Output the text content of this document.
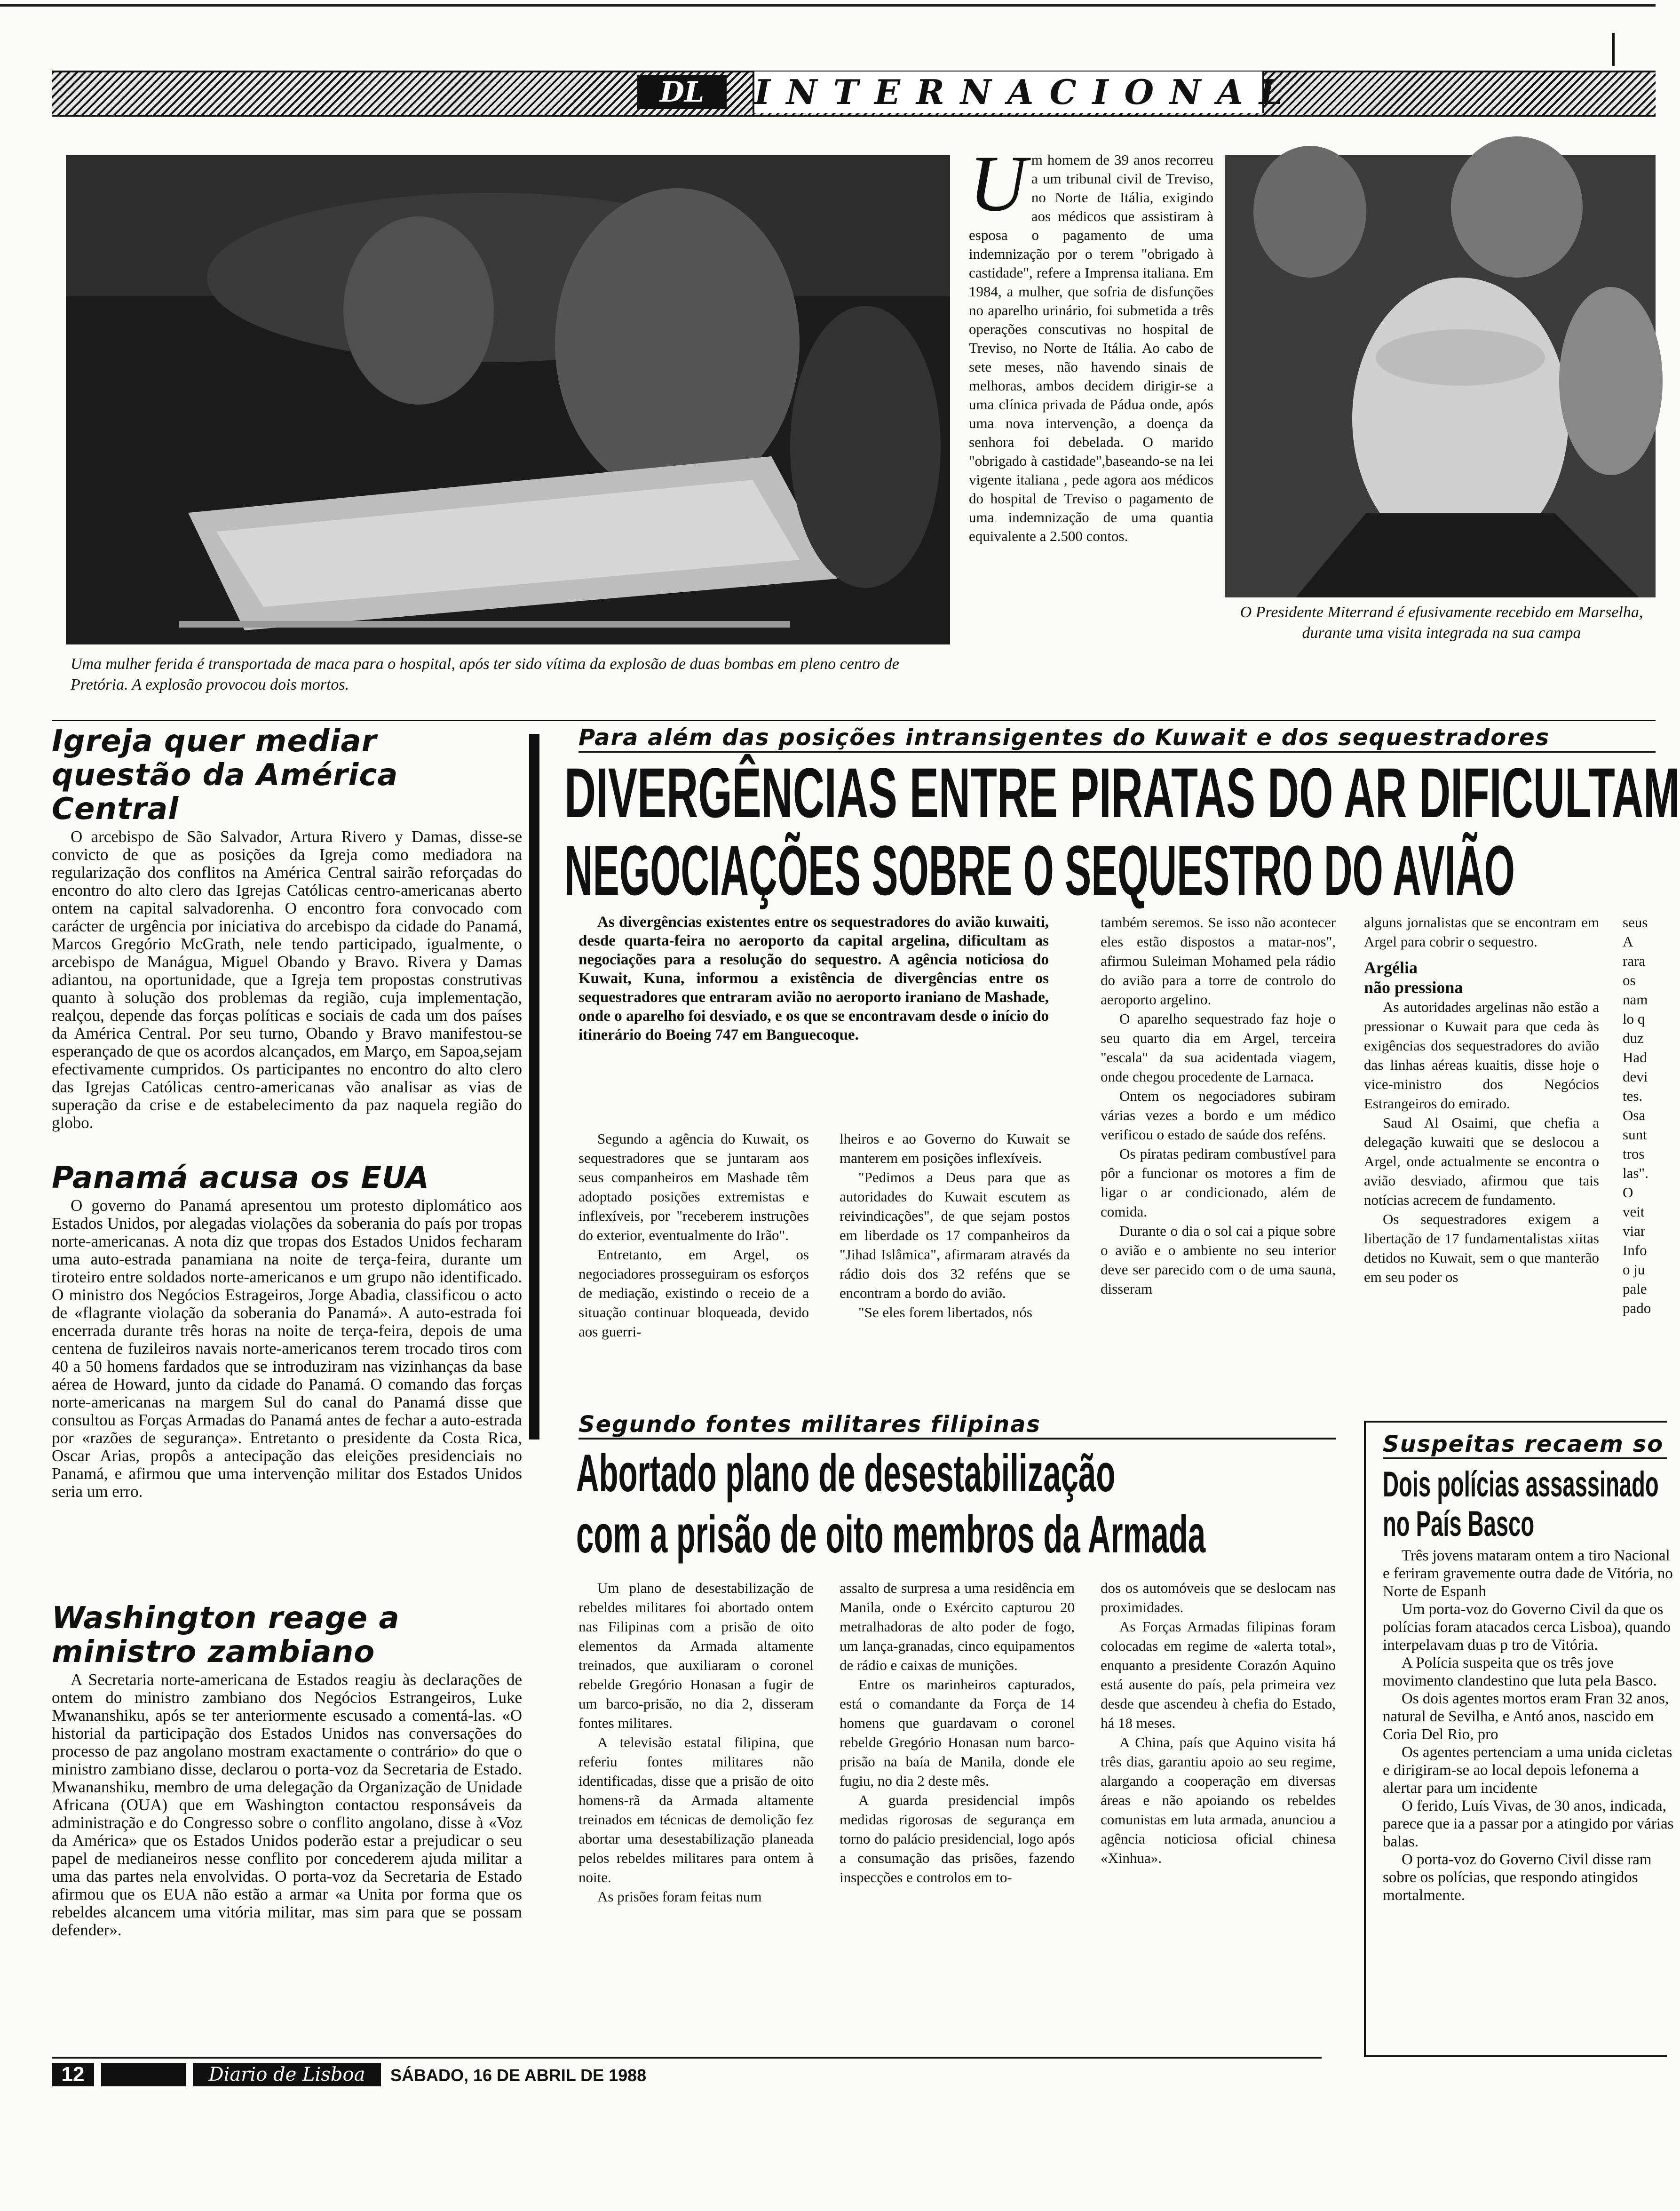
DL	INTERNACIONAL
Uma mulher ferida é transportada de maca para o hospital, após ter sido vítima da explosão de duas bombas em pleno centro de Pretória. A explosão provocou dois mortos.
U m homem de 39 anos recorreu a um tribunal civil de Treviso, no Norte de Itália, exigindo aos médicos que assistiram à esposa o pagamento de uma indemnização por o terem "obrigado à castidade", refere a Imprensa italiana. Em 1984, a mulher, que sofria de disfunções no aparelho urinário, foi submetida a três operações conscutivas no hospital de Treviso, no Norte de Itália. Ao cabo de sete meses, não havendo sinais de melhoras, ambos decidem dirigir-se a uma clínica privada de Pádua onde, após uma nova intervenção, a doença da senhora foi debelada. O marido "obrigado à castidade",baseando-se na lei vigente italiana , pede agora aos médicos do hospital de Treviso o pagamento de uma indemnização de uma quantia equivalente a 2.500 contos.
O Presidente Miterrand é efusivamente recebido em Marselha, durante uma visita integrada na sua campa
Igreja quer mediar questão da América Central

O arcebispo de São Salvador, Artura Rivero y Damas, disse-se convicto de que as posições da Igreja como mediadora na regularização dos conflitos na América Central sairão reforçadas do encontro do alto clero das Igrejas Católicas centro-americanas aberto ontem na capital salvadorenha. O encontro fora convocado com carácter de urgência por iniciativa do arcebispo da cidade do Panamá, Marcos Gregório McGrath, nele tendo participado, igualmente, o arcebispo de Manágua, Miguel Obando y Bravo. Rivera y Damas adiantou, na oportunidade, que a Igreja tem propostas construtivas quanto à solução dos problemas da região, cuja implementação, realçou, depende das forças políticas e sociais de cada um dos países da América Central. Por seu turno, Obando y Bravo manifestou-se esperançado de que os acordos alcançados, em Março, em Sapoa,sejam efectivamente cumpridos. Os participantes no encontro do alto clero das Igrejas Católicas centro-americanas vão analisar as vias de superação da crise e de estabelecimento da paz naquela região do globo.

Panamá acusa os EUA

O governo do Panamá apresentou um protesto diplomático aos Estados Unidos, por alegadas violações da soberania do país por tropas norte-americanas. A nota diz que tropas dos Estados Unidos fecharam uma auto-estrada panamiana na noite de terça-feira, durante um tiroteiro entre soldados norte-americanos e um grupo não identificado. O ministro dos Negócios Estrageiros, Jorge Abadia, classificou o acto de «flagrante violação da soberania do Panamá». A auto-estrada foi encerrada durante três horas na noite de terça-feira, depois de uma centena de fuzileiros navais norte-americanos terem trocado tiros com 40 a 50 homens fardados que se introduziram nas vizinhanças da base aérea de Howard, junto da cidade do Panamá. O comando das forças norte-americanas na margem Sul do canal do Panamá disse que consultou as Forças Armadas do Panamá antes de fechar a auto-estrada por «razões de segurança». Entretanto o presidente da Costa Rica, Oscar Arias, propôs a antecipação das eleições presidenciais no Panamá, e afirmou que uma intervenção militar dos Estados Unidos seria um erro.

Washington reage a ministro zambiano

A Secretaria norte-americana de Estados reagiu às declarações de ontem do ministro zambiano dos Negócios Estrangeiros, Luke Mwananshiku, após se ter anteriormente escusado a comentá-las. «O historial da participação dos Estados Unidos nas conversações do processo de paz angolano mostram exactamente o contrário» do que o ministro zambiano disse, declarou o porta-voz da Secretaria de Estado. Mwananshiku, membro de uma delegação da Organização de Unidade Africana (OUA) que em Washington contactou responsáveis da administração e do Congresso sobre o conflito angolano, disse à «Voz da América» que os Estados Unidos poderão estar a prejudicar o seu papel de medianeiros nesse conflito por concederem ajuda militar a uma das partes nela envolvidas. O porta-voz da Secretaria de Estado afirmou que os EUA não estão a armar «a Unita por forma que os rebeldes alcancem uma vitória militar, mas sim para que se possam defender».

Para além das posições intransigentes do Kuwait e dos sequestradores
DIVERGÊNCIAS ENTRE PIRATAS DO AR DIFICULTAM
NEGOCIAÇÕES SOBRE O SEQUESTRO DO AVIÃO

As divergências existentes entre os sequestradores do avião kuwaiti, desde quarta-feira no aeroporto da capital argelina, dificultam as negociações para a resolução do sequestro. A agência noticiosa do Kuwait, Kuna, informou a existência de divergências entre os sequestradores que entraram avião no aeroporto iraniano de Mashade, onde o aparelho foi desviado, e os que se encontravam desde o início do itinerário do Boeing 747 em Banguecoque.

Segundo a agência do Kuwait, os sequestradores que se juntaram aos seus companheiros em Mashade têm adoptado posições extremistas e inflexíveis, por "receberem instruções do exterior, eventualmente do Irão".

Entretanto, em Argel, os negociadores prosseguiram os esforços de mediação, existindo o receio de a situação continuar bloqueada, devido aos guerri-

lheiros e ao Governo do Kuwait se manterem em posições inflexíveis.

"Pedimos a Deus para que as autoridades do Kuwait escutem as reivindicações", de que sejam postos em liberdade os 17 companheiros da "Jihad Islâmica", afirmaram através da rádio dois dos 32 reféns que se encontram a bordo do avião.

"Se eles forem libertados, nós

também seremos. Se isso não acontecer eles estão dispostos a matar-nos", afirmou Suleiman Mohamed pela rádio do avião para a torre de controlo do aeroporto argelino.

O aparelho sequestrado faz hoje o seu quarto dia em Argel, terceira "escala" da sua acidentada viagem, onde chegou procedente de Larnaca.

Ontem os negociadores subiram várias vezes a bordo e um médico verificou o estado de saúde dos reféns.

Os piratas pediram combustível para pôr a funcionar os motores a fim de ligar o ar condicionado, além de comida.

Durante o dia o sol cai a pique sobre o avião e o ambiente no seu interior deve ser parecido com o de uma sauna, disseram

alguns jornalistas que se encontram em Argel para cobrir o sequestro.

Argélia
não pressiona

As autoridades argelinas não estão a pressionar o Kuwait para que ceda às exigências dos sequestradores do avião das linhas aéreas kuaitis, disse hoje o vice-ministro dos Negócios Estrangeiros do emirado.

Saud Al Osaimi, que chefia a delegação kuwaiti que se deslocou a Argel, onde actualmente se encontra o avião desviado, afirmou que tais notícias acrecem de fundamento.

Os sequestradores exigem a libertação de 17 fundamentalistas xiitas detidos no Kuwait, sem o que manterão em seu poder os

seus
A
rara
os
nam
lo q
duz
Had
devi
tes.
Osa
sunt
tros
las".
O
veit
viar
Info
o ju
pale
pado
Segundo fontes militares filipinas
Abortado plano de desestabilização
com a prisão de oito membros da Armada

Um plano de desestabilização de rebeldes militares foi abortado ontem nas Filipinas com a prisão de oito elementos da Armada altamente treinados, que auxiliaram o coronel rebelde Gregório Honasan a fugir de um barco-prisão, no dia 2, disseram fontes militares.

A televisão estatal filipina, que referiu fontes militares não identificadas, disse que a prisão de oito homens-rã da Armada altamente treinados em técnicas de demolição fez abortar uma desestabilização planeada pelos rebeldes militares para ontem à noite.

As prisões foram feitas num

assalto de surpresa a uma residência em Manila, onde o Exército capturou 20 metralhadoras de alto poder de fogo, um lança-granadas, cinco equipamentos de rádio e caixas de munições.

Entre os marinheiros capturados, está o comandante da Força de 14 homens que guardavam o coronel rebelde Gregório Honasan num barco-prisão na baía de Manila, donde ele fugiu, no dia 2 deste mês.

A guarda presidencial impôs medidas rigorosas de segurança em torno do palácio presidencial, logo após a consumação das prisões, fazendo inspecções e controlos em to-

dos os automóveis que se deslocam nas proximidades.

As Forças Armadas filipinas foram colocadas em regime de «alerta total», enquanto a presidente Corazón Aquino está ausente do país, pela primeira vez desde que ascendeu à chefia do Estado, há 18 meses.

A China, país que Aquino visita há três dias, garantiu apoio ao seu regime, alargando a cooperação em diversas áreas e não apoiando os rebeldes comunistas em luta armada, anunciou a agência noticiosa oficial chinesa «Xinhua».

Suspeitas recaem so
Dois polícias assassinado
no País Basco

Três jovens mataram ontem a tiro Nacional e feriram gravemente outra dade de Vitória, no Norte de Espanh

Um porta-voz do Governo Civil da que os polícias foram atacados cerca Lisboa), quando interpelavam duas p tro de Vitória.

A Polícia suspeita que os três jove movimento clandestino que luta pela Basco.

Os dois agentes mortos eram Fran 32 anos, natural de Sevilha, e Antó anos, nascido em Coria Del Rio, pro

Os agentes pertenciam a uma unida cicletas e dirigiram-se ao local depois lefonema a alertar para um incidente

O ferido, Luís Vivas, de 30 anos, indicada, parece que ia a passar por a atingido por várias balas.

O porta-voz do Governo Civil disse ram sobre os polícias, que respondo atingidos mortalmente.

12	Diario de Lisboa	SÁBADO, 16 DE ABRIL DE 1988
